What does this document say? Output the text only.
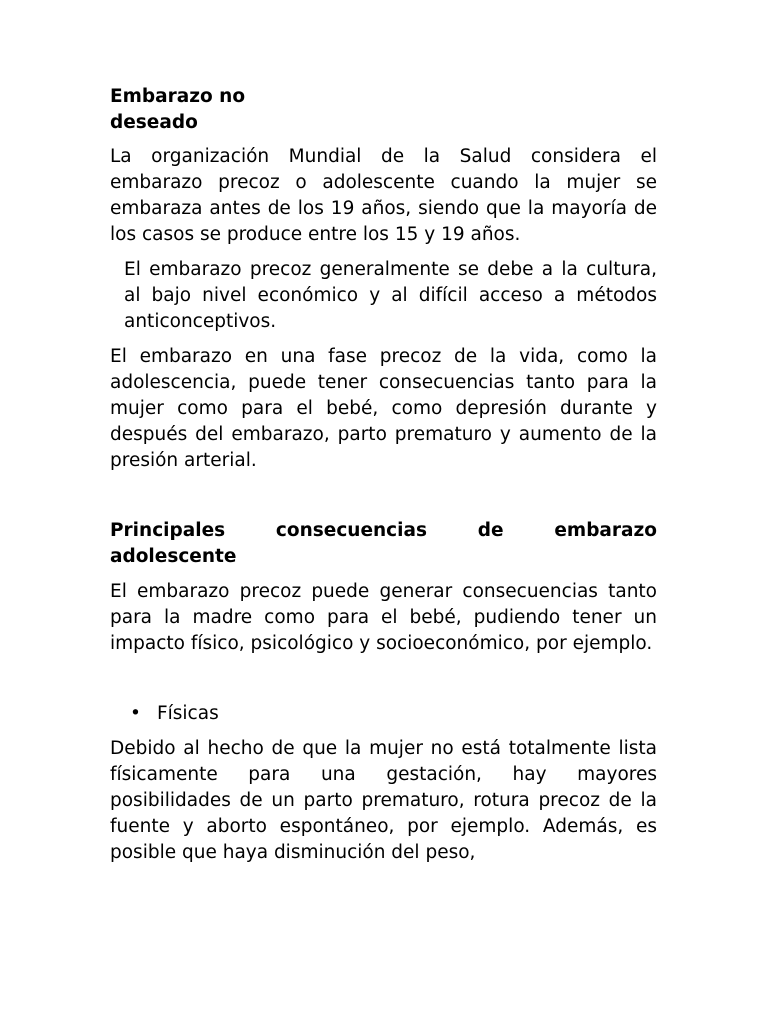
Embarazo no
deseado

La organización Mundial de la Salud considera el embarazo precoz o adolescente cuando la mujer se embaraza antes de los 19 años, siendo que la mayoría de los casos se produce entre los 15 y 19 años.

El embarazo precoz generalmente se debe a la cultura, al bajo nivel económico y al difícil acceso a métodos anticonceptivos.

El embarazo en una fase precoz de la vida, como la adolescencia, puede tener consecuencias tanto para la mujer como para el bebé, como depresión durante y después del embarazo, parto prematuro y aumento de la presión arterial.

Principales consecuencias de embarazo
adolescente

El embarazo precoz puede generar consecuencias tanto para la madre como para el bebé, pudiendo tener un impacto físico, psicológico y socioeconómico, por ejemplo.

• Físicas

Debido al hecho de que la mujer no está totalmente lista físicamente para una gestación, hay mayores posibilidades de un parto prematuro, rotura precoz de la fuente y aborto espontáneo, por ejemplo. Además, es posible que haya disminución del peso,
